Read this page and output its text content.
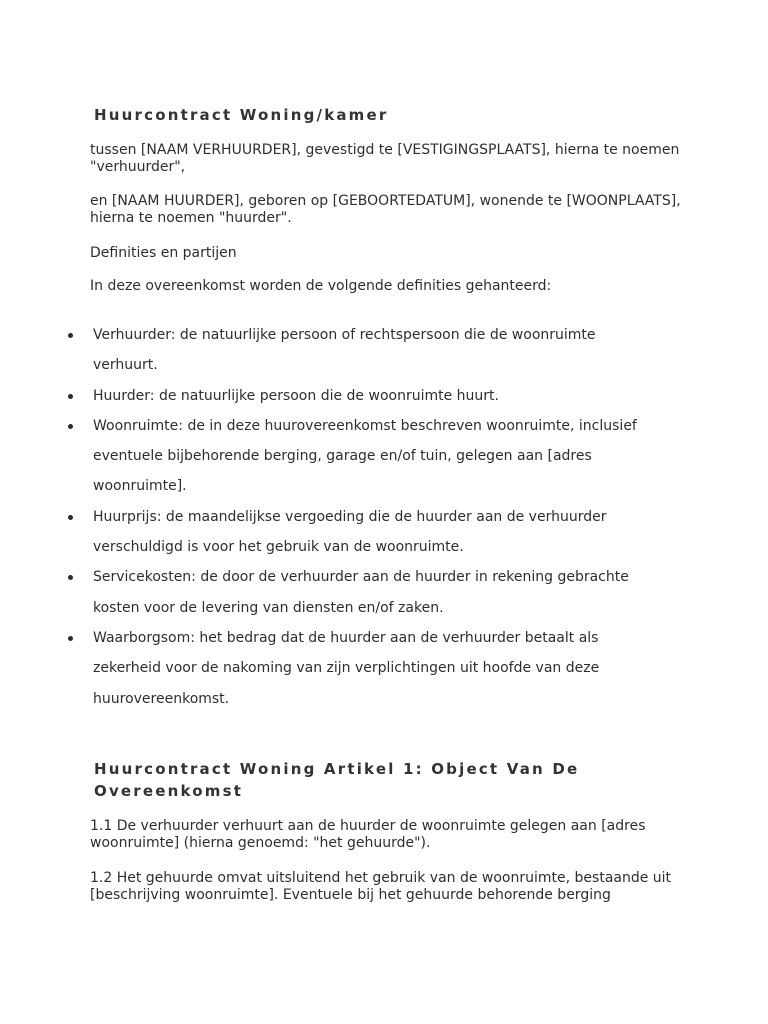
Huurcontract Woning/kamer

tussen [NAAM VERHUURDER], gevestigd te [VESTIGINGSPLAATS], hierna te noemen "verhuurder",

en [NAAM HUURDER], geboren op [GEBOORTEDATUM], wonende te [WOONPLAATS], hierna te noemen "huurder".

Definities en partijen

In deze overeenkomst worden de volgende definities gehanteerd:

Verhuurder: de natuurlijke persoon of rechtspersoon die de woonruimte verhuurt.
Huurder: de natuurlijke persoon die de woonruimte huurt.
Woonruimte: de in deze huurovereenkomst beschreven woonruimte, inclusief eventuele bijbehorende berging, garage en/of tuin, gelegen aan [adres woonruimte].
Huurprijs: de maandelijkse vergoeding die de huurder aan de verhuurder verschuldigd is voor het gebruik van de woonruimte.
Servicekosten: de door de verhuurder aan de huurder in rekening gebrachte kosten voor de levering van diensten en/of zaken.
Waarborgsom: het bedrag dat de huurder aan de verhuurder betaalt als zekerheid voor de nakoming van zijn verplichtingen uit hoofde van deze huurovereenkomst.
Huurcontract Woning Artikel 1: Object Van De Overeenkomst

1.1 De verhuurder verhuurt aan de huurder de woonruimte gelegen aan [adres woonruimte] (hierna genoemd: "het gehuurde").

1.2 Het gehuurde omvat uitsluitend het gebruik van de woonruimte, bestaande uit [beschrijving woonruimte]. Eventuele bij het gehuurde behorende berging
